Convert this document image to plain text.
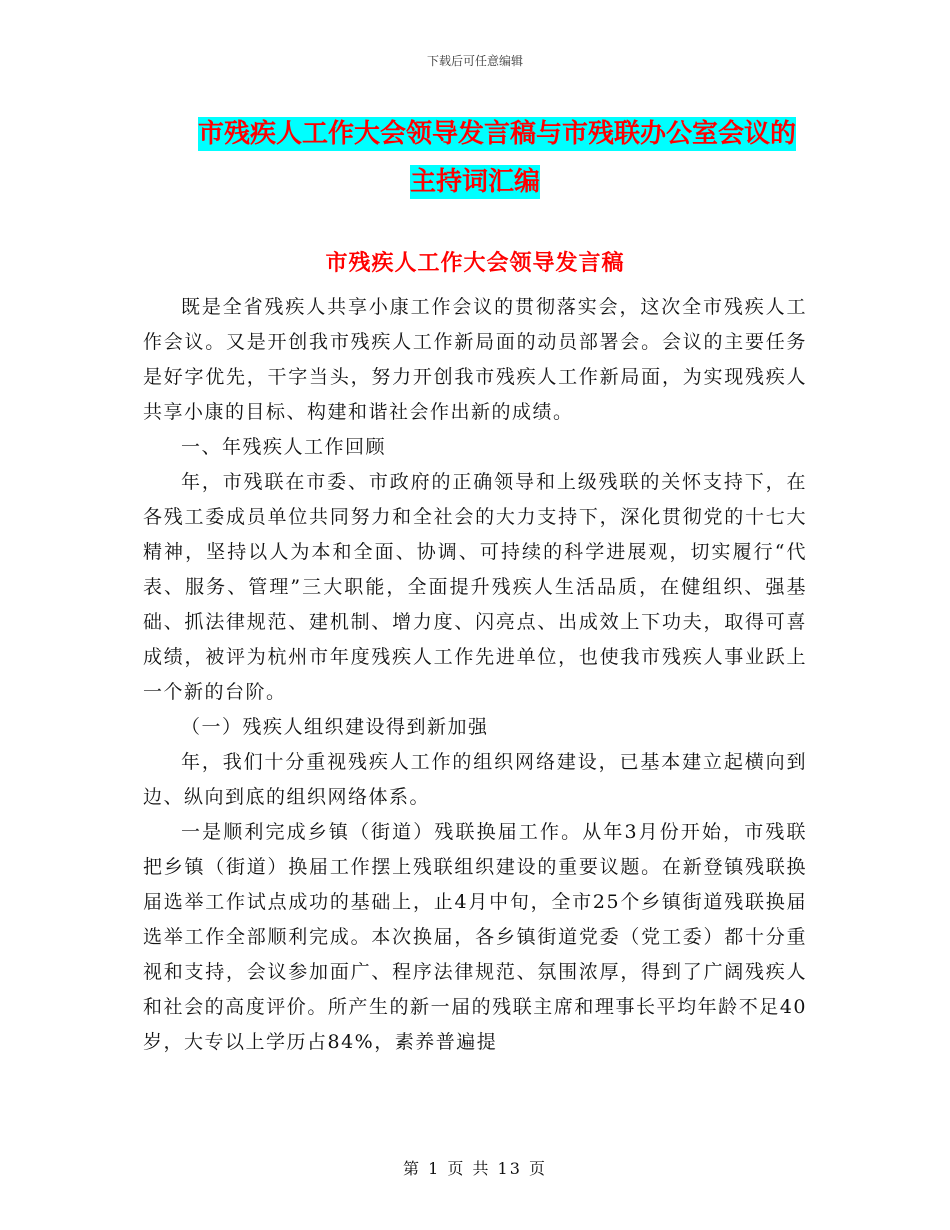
下载后可任意编辑
市残疾人工作大会领导发言稿与市残联办公室会议的
主持词汇编
市残疾人工作大会领导发言稿

既是全省残疾人共享小康工作会议的贯彻落实会，这次全市残疾人工作会议。又是开创我市残疾人工作新局面的动员部署会。会议的主要任务是好字优先，干字当头，努力开创我市残疾人工作新局面，为实现残疾人共享小康的目标、构建和谐社会作出新的成绩。

一、年残疾人工作回顾

年，市残联在市委、市政府的正确领导和上级残联的关怀支持下，在各残工委成员单位共同努力和全社会的大力支持下，深化贯彻党的十七大精神，坚持以人为本和全面、协调、可持续的科学进展观，切实履行“代表、服务、管理”三大职能，全面提升残疾人生活品质，在健组织、强基础、抓法律规范、建机制、增力度、闪亮点、出成效上下功夫，取得可喜成绩，被评为杭州市年度残疾人工作先进单位，也使我市残疾人事业跃上一个新的台阶。

（一）残疾人组织建设得到新加强

年，我们十分重视残疾人工作的组织网络建设，已基本建立起横向到边、纵向到底的组织网络体系。

一是顺利完成乡镇（街道）残联换届工作。从年3月份开始，市残联把乡镇（街道）换届工作摆上残联组织建设的重要议题。在新登镇残联换届选举工作试点成功的基础上，止4月中旬，全市25个乡镇街道残联换届选举工作全部顺利完成。本次换届，各乡镇街道党委（党工委）都十分重视和支持，会议参加面广、程序法律规范、氛围浓厚，得到了广阔残疾人和社会的高度评价。所产生的新一届的残联主席和理事长平均年龄不足40岁，大专以上学历占84%，素养普遍提

第 1 页 共 13 页
